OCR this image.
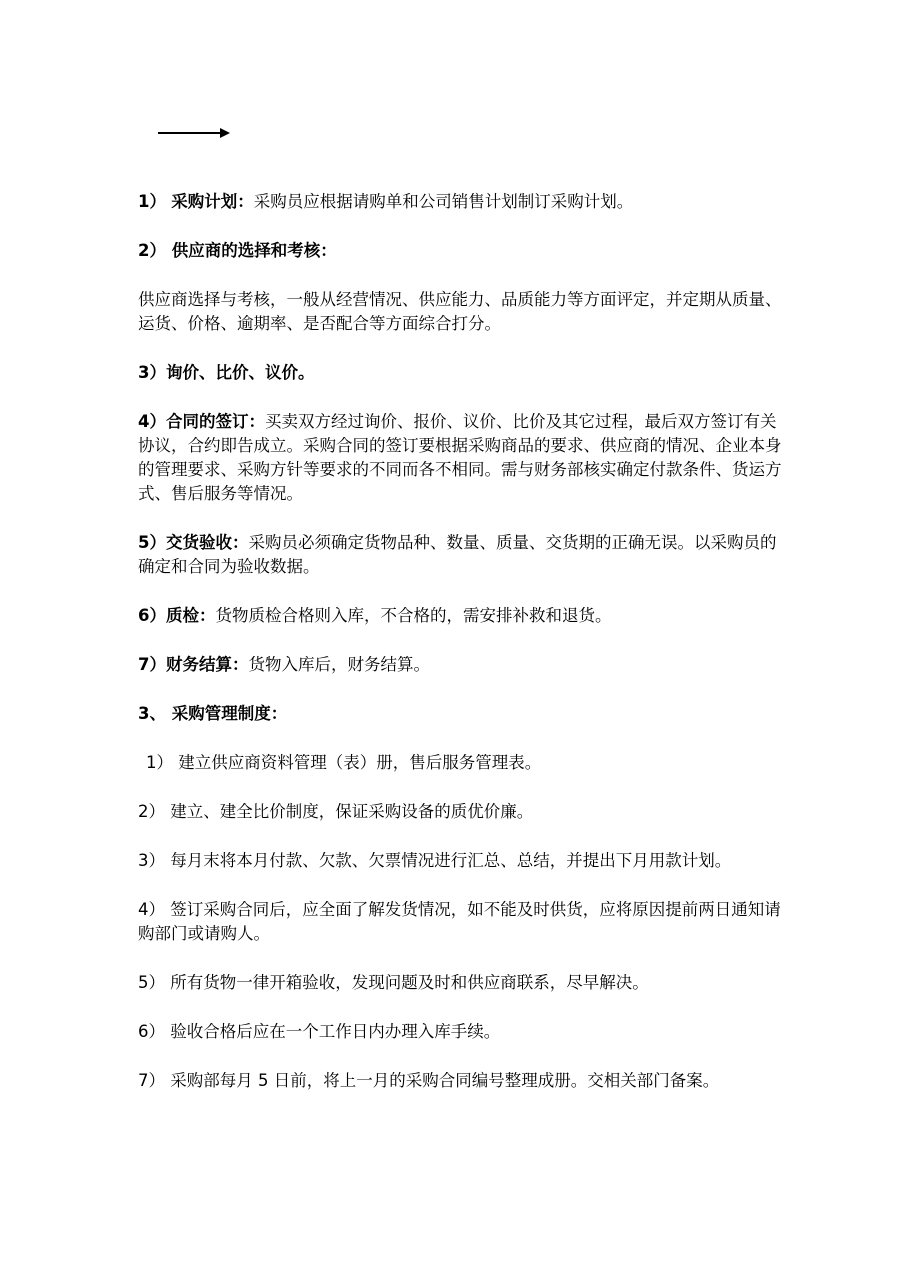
1） 采购计划：采购员应根据请购单和公司销售计划制订采购计划。

2） 供应商的选择和考核：

供应商选择与考核，一般从经营情况、供应能力、品质能力等方面评定，并定期从质量、运货、价格、逾期率、是否配合等方面综合打分。

3）询价、比价、议价。

4）合同的签订：买卖双方经过询价、报价、议价、比价及其它过程，最后双方签订有关协议，合约即告成立。采购合同的签订要根据采购商品的要求、供应商的情况、企业本身的管理要求、采购方针等要求的不同而各不相同。需与财务部核实确定付款条件、货运方式、售后服务等情况。

5）交货验收：采购员必须确定货物品种、数量、质量、交货期的正确无误。以采购员的确定和合同为验收数据。

6）质检：货物质检合格则入库，不合格的，需安排补救和退货。

7）财务结算：货物入库后，财务结算。

3、 采购管理制度：

1） 建立供应商资料管理（表）册，售后服务管理表。

2） 建立、建全比价制度，保证采购设备的质优价廉。

3） 每月末将本月付款、欠款、欠票情况进行汇总、总结，并提出下月用款计划。

4） 签订采购合同后，应全面了解发货情况，如不能及时供货，应将原因提前两日通知请购部门或请购人。

5） 所有货物一律开箱验收，发现问题及时和供应商联系，尽早解决。

6） 验收合格后应在一个工作日内办理入库手续。

7） 采购部每月 5 日前，将上一月的采购合同编号整理成册。交相关部门备案。
